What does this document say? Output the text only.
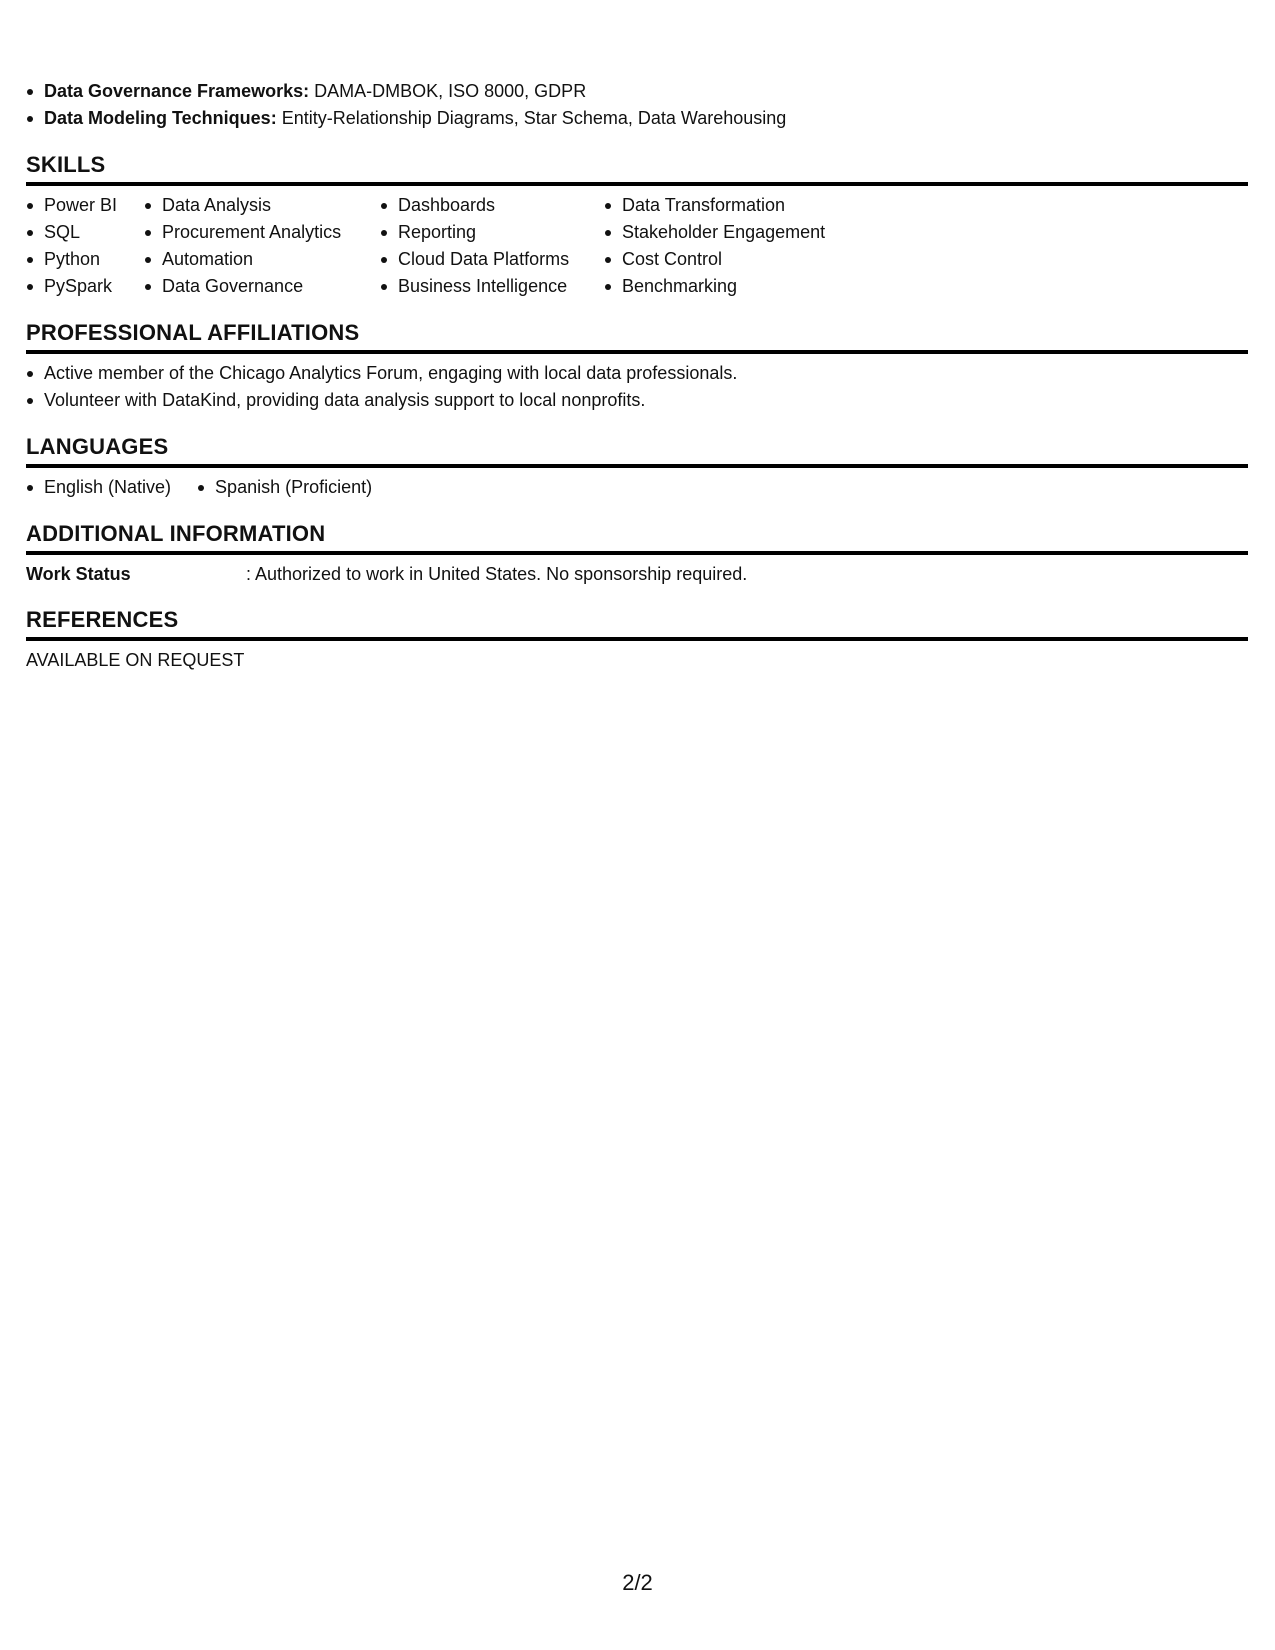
Data Governance Frameworks: DAMA-DMBOK, ISO 8000, GDPR
Data Modeling Techniques: Entity-Relationship Diagrams, Star Schema, Data Warehousing
SKILLS
Power BI
SQL
Python
PySpark
Data Analysis
Procurement Analytics
Automation
Data Governance
Dashboards
Reporting
Cloud Data Platforms
Business Intelligence
Data Transformation
Stakeholder Engagement
Cost Control
Benchmarking
PROFESSIONAL AFFILIATIONS
Active member of the Chicago Analytics Forum, engaging with local data professionals.
Volunteer with DataKind, providing data analysis support to local nonprofits.
LANGUAGES
English (Native)	Spanish (Proficient)
ADDITIONAL INFORMATION
Work Status	: Authorized to work in United States. No sponsorship required.
REFERENCES
AVAILABLE ON REQUEST
2/2
